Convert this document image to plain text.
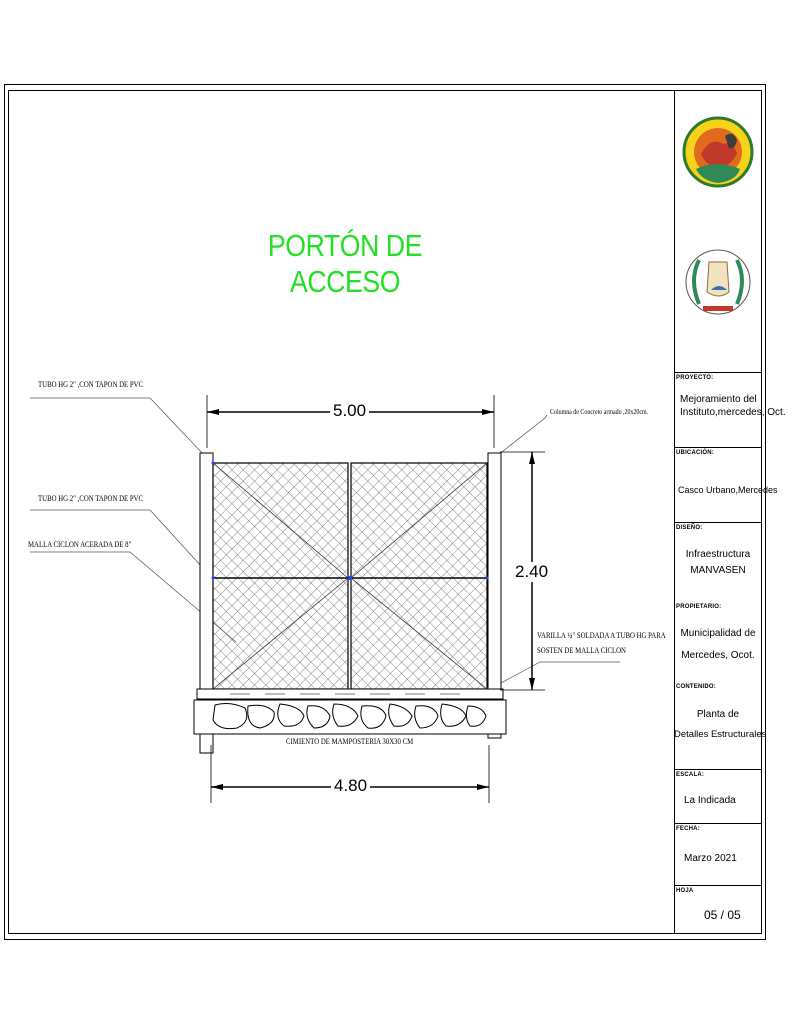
PORTÓN DE ACCESO
5.00
2.40
4.80
TUBO HG 2" ,CON TAPON DE PVC
TUBO HG 2" ,CON TAPON DE PVC
MALLA CICLON ACERADA DE 8"
Columna de Concreto armado ,20x20cm.
VARILLA ¼" SOLDADA A TUBO HG PARA
SOSTEN DE MALLA CICLON
CIMIENTO DE MAMPOSTERIA 30X30 CM
PROYECTO:
Mejoramiento del
Instituto,mercedes, Oct.
UBICACIÓN:
Casco Urbano,Mercedes
DISEÑO:
Infraestructura
MANVASEN
PROPIETARIO:
Municipalidad de
Mercedes, Ocot.
CONTENIDO:
Planta de
Detalles Estructurales
ESCALA:
La Indicada
FECHA:
Marzo 2021
HOJA
05 / 05
